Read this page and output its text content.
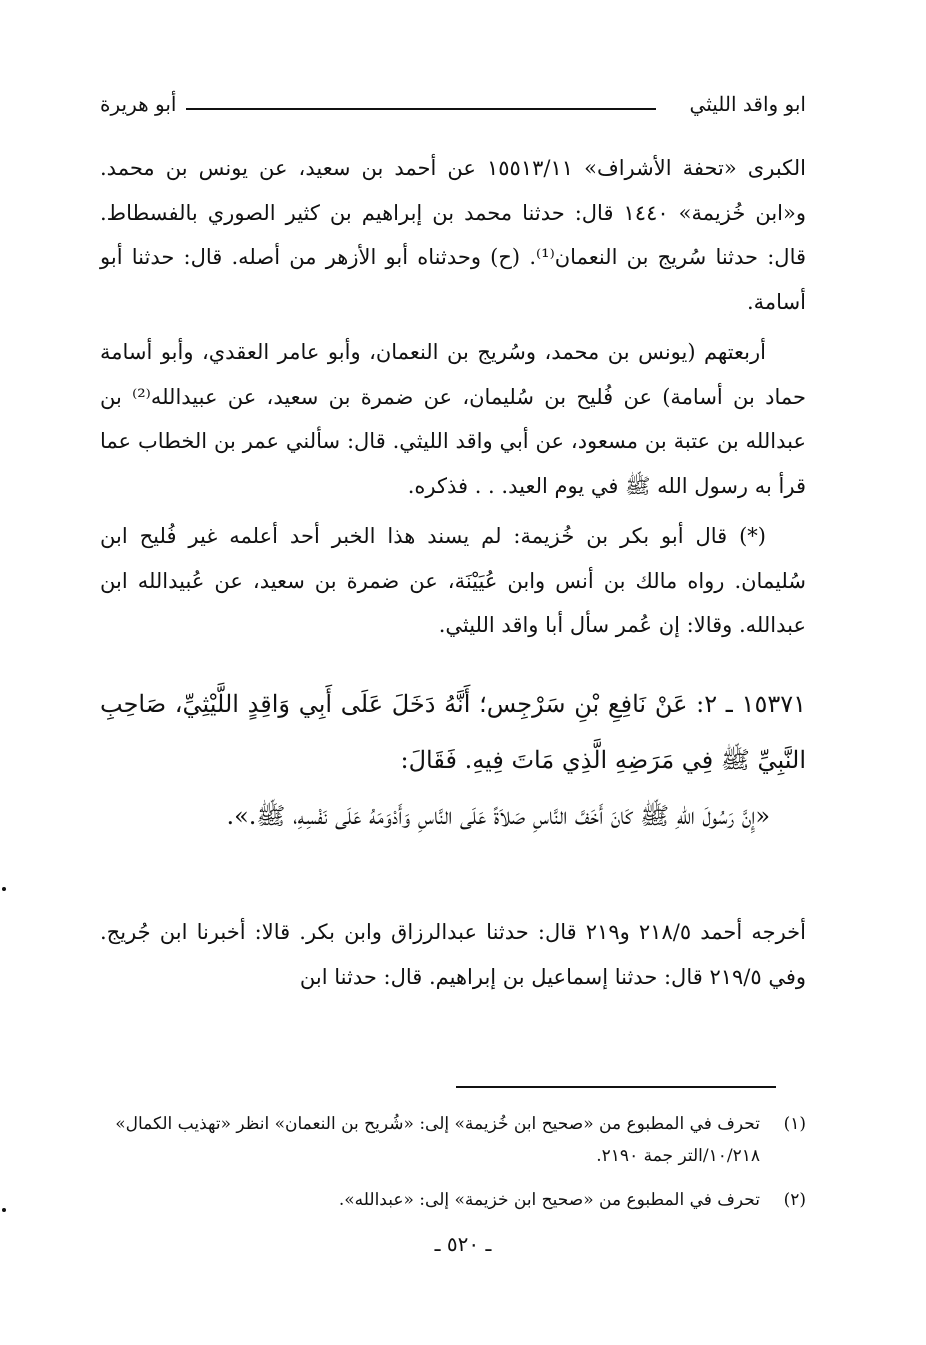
ابو واقد الليثي
أبو هريرة

الكبرى «تحفة الأشراف» ١٥٥١٣/١١ عن أحمد بن سعيد، عن يونس بن محمد. و«ابن خُزيمة» ١٤٤٠ قال: حدثنا محمد بن إبراهيم بن كثير الصوري بالفسطاط. قال: حدثنا سُريج بن النعمان⁽¹⁾. (ح) وحدثناه أبو الأزهر من أصله. قال: حدثنا أبو أسامة.

أربعتهم (يونس بن محمد، وسُريج بن النعمان، وأبو عامر العقدي، وأبو أسامة حماد بن أسامة) عن فُليح بن سُليمان، عن ضمرة بن سعيد، عن عبيدالله⁽²⁾ بن عبدالله بن عتبة بن مسعود، عن أبي واقد الليثي. قال: سألني عمر بن الخطاب عما قرأ به رسول الله ﷺ في يوم العيد. . . فذكره.

(*) قال أبو بكر بن خُزيمة: لم يسند هذا الخبر أحد أعلمه غير فُليح ابن سُليمان. رواه مالك بن أنس وابن عُيَيْنَة، عن ضمرة بن سعيد، عن عُبيدالله ابن عبدالله. وقالا: إن عُمر سأل أبا واقد الليثي.

١٥٣٧١ ـ ٢: عَنْ نَافِعِ بْنِ سَرْجِس؛ أَنَّهُ دَخَلَ عَلَى أَبِي وَاقِدٍ اللَّيْثِيِّ، صَاحِبِ النَّبِيِّ ﷺ فِي مَرَضِهِ الَّذِي مَاتَ فِيهِ. فَقَالَ:

«إِنَّ رَسُولَ اللهِ ﷺ كَانَ أَخَفَّ النَّاسِ صَلاَةً عَلَى النَّاسِ وَأَدْوَمَهُ عَلَى نَفْسِهِ، ﷺ.».

أخرجه أحمد ٢١٨/٥ و٢١٩ قال: حدثنا عبدالرزاق وابن بكر. قالا: أخبرنا ابن جُريج. وفي ٢١٩/٥ قال: حدثنا إسماعيل بن إبراهيم. قال: حدثنا ابن

(١)
تحرف في المطبوع من «صحيح ابن خُزيمة» إلى: «شُريح بن النعمان» انظر «تهذيب الكمال» ١٠/٢١٨/التر جمة ٢١٩٠.
(٢)
تحرف في المطبوع من «صحيح ابن خزيمة» إلى: «عبدالله».
ـ ٥٢٠ ـ
